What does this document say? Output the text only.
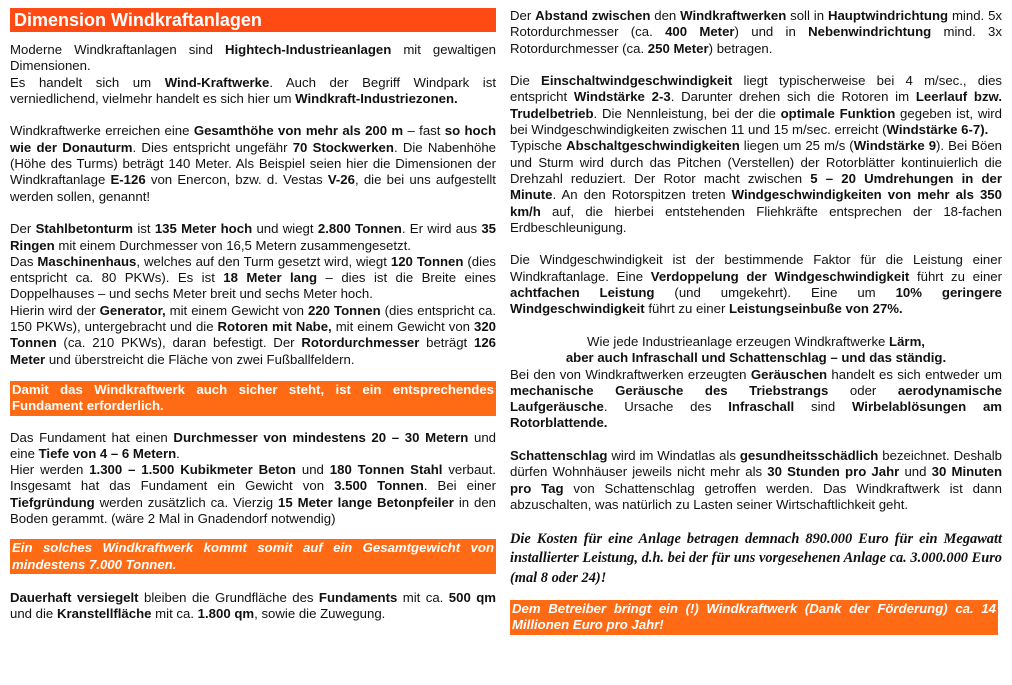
Dimension Windkraftanlagen

Moderne Windkraftanlagen sind Hightech-Industrieanlagen mit gewaltigen Dimensionen.

Es handelt sich um Wind-Kraftwerke. Auch der Begriff Windpark ist verniedlichend, vielmehr handelt es sich hier um Windkraft-Industriezonen.

Windkraftwerke erreichen eine Gesamthöhe von mehr als 200 m – fast so hoch wie der Donauturm. Dies entspricht ungefähr 70 Stockwerken. Die Nabenhöhe (Höhe des Turms) beträgt 140 Meter. Als Beispiel seien hier die Dimensionen der Windkraftanlage E-126 von Enercon, bzw. d. Vestas V-26, die bei uns aufgestellt werden sollen, genannt!

Der Stahlbetonturm ist 135 Meter hoch und wiegt 2.800 Tonnen. Er wird aus 35 Ringen mit einem Durchmesser von 16,5 Metern zusammengesetzt.

Das Maschinenhaus, welches auf den Turm gesetzt wird, wiegt 120 Tonnen (dies entspricht ca. 80 PKWs). Es ist 18 Meter lang – dies ist die Breite eines Doppelhauses – und sechs Meter breit und sechs Meter hoch.

Hierin wird der Generator, mit einem Gewicht von 220 Tonnen (dies entspricht ca. 150 PKWs), untergebracht und die Rotoren mit Nabe, mit einem Gewicht von 320 Tonnen (ca. 210 PKWs), daran befestigt. Der Rotordurchmesser beträgt 126 Meter und überstreicht die Fläche von zwei Fußballfeldern.

Damit das Windkraftwerk auch sicher steht, ist ein entsprechendes Fundament erforderlich.

Das Fundament hat einen Durchmesser von mindestens 20 – 30 Metern und eine Tiefe von 4 – 6 Metern.

Hier werden 1.300 – 1.500 Kubikmeter Beton und 180 Tonnen Stahl verbaut. Insgesamt hat das Fundament ein Gewicht von 3.500 Tonnen. Bei einer Tiefgründung werden zusätzlich ca. Vierzig 15 Meter lange Betonpfeiler in den Boden gerammt. (wäre 2 Mal in Gnadendorf notwendig)

Ein solches Windkraftwerk kommt somit auf ein Gesamtgewicht von mindestens 7.000 Tonnen.

Dauerhaft versiegelt bleiben die Grundfläche des Fundaments mit ca. 500 qm und die Kranstellfläche mit ca. 1.800 qm, sowie die Zuwegung.

Der Abstand zwischen den Windkraftwerken soll in Hauptwindrichtung mind. 5x Rotordurchmesser (ca. 400 Meter) und in Nebenwindrichtung mind. 3x Rotordurchmesser (ca. 250 Meter) betragen.

Die Einschaltwindgeschwindigkeit liegt typischerweise bei 4 m/sec., dies entspricht Windstärke 2-3. Darunter drehen sich die Rotoren im Leerlauf bzw. Trudelbetrieb. Die Nennleistung, bei der die optimale Funktion gegeben ist, wird bei Windgeschwindigkeiten zwischen 11 und 15 m/sec. erreicht (Windstärke 6-7).

Typische Abschaltgeschwindigkeiten liegen um 25 m/s (Windstärke 9). Bei Böen und Sturm wird durch das Pitchen (Verstellen) der Rotorblätter kontinuierlich die Drehzahl reduziert. Der Rotor macht zwischen 5 – 20 Umdrehungen in der Minute. An den Rotorspitzen treten Windgeschwindigkeiten von mehr als 350 km/h auf, die hierbei entstehenden Fliehkräfte entsprechen der 18-fachen Erdbeschleunigung.

Die Windgeschwindigkeit ist der bestimmende Faktor für die Leistung einer Windkraftanlage. Eine Verdoppelung der Windgeschwindigkeit führt zu einer achtfachen Leistung (und umgekehrt). Eine um 10% geringere Windgeschwindigkeit führt zu einer Leistungseinbuße von 27%.

Wie jede Industrieanlage erzeugen Windkraftwerke Lärm,

aber auch Infraschall und Schattenschlag – und das ständig.

Bei den von Windkraftwerken erzeugten Geräuschen handelt es sich entweder um mechanische Geräusche des Triebstrangs oder aerodynamische Laufgeräusche. Ursache des Infraschall sind Wirbelablösungen am Rotorblattende.

Schattenschlag wird im Windatlas als gesundheitsschädlich bezeichnet. Deshalb dürfen Wohnhäuser jeweils nicht mehr als 30 Stunden pro Jahr und 30 Minuten pro Tag von Schattenschlag getroffen werden. Das Windkraftwerk ist dann abzuschalten, was natürlich zu Lasten seiner Wirtschaftlichkeit geht.

Die Kosten für eine Anlage betragen demnach 890.000 Euro für ein Megawatt installierter Leistung, d.h. bei der für uns vorgesehenen Anlage ca. 3.000.000 Euro (mal 8 oder 24)!

Dem Betreiber bringt ein (!) Windkraftwerk (Dank der Förderung) ca. 14 Millionen Euro pro Jahr!
